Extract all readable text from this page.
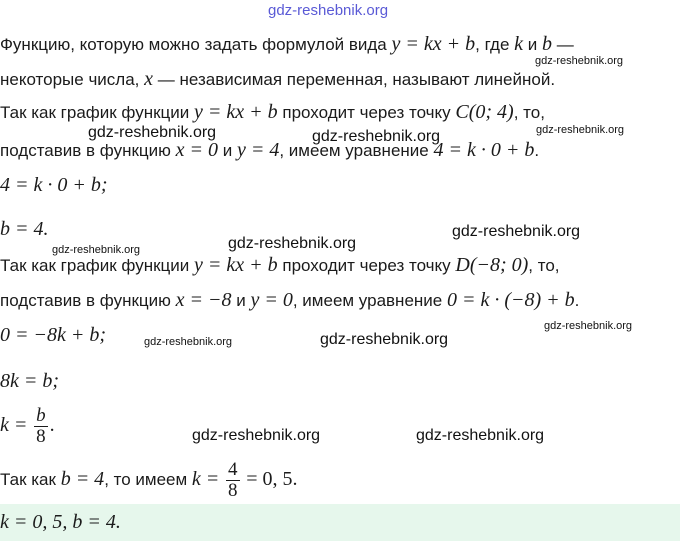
gdz-reshebnik.org
Функцию, которую можно задать формулой вида y = kx + b, где k и b —
gdz-reshebnik.org
некоторые числа, x — независимая переменная, называют линейной.
Так как график функции y = kx + b проходит через точку C(0; 4), то,
gdz-reshebnik.org	gdz-reshebnik.org	gdz-reshebnik.org
подставив в функцию x = 0 и y = 4, имеем уравнение 4 = k · 0 + b.
4 = k · 0 + b;
b = 4.
gdz-reshebnik.org
gdz-reshebnik.org
gdz-reshebnik.org
Так как график функции y = kx + b проходит через точку D(−8; 0), то,
подставив в функцию x = −8 и y = 0, имеем уравнение 0 = k · (−8) + b.
gdz-reshebnik.org
0 = −8k + b;	gdz-reshebnik.org	gdz-reshebnik.org
8k = b;
$k = \frac{b}{8}$ .	gdz-reshebnik.org	gdz-reshebnik.org
Так как b = 4, то имеем $k = \frac{4}{8} = 0$, 5.
k = 0, 5, b = 4.
